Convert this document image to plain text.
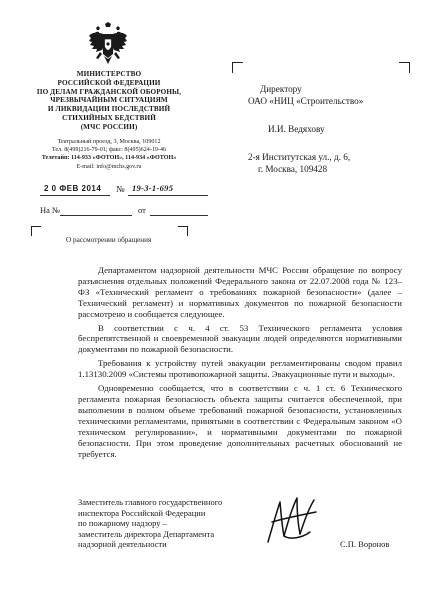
МИНИСТЕРСТВО
РОССИЙСКОЙ ФЕДЕРАЦИИ
ПО ДЕЛАМ ГРАЖДАНСКОЙ ОБОРОНЫ,
ЧРЕЗВЫЧАЙНЫМ СИТУАЦИЯМ
И ЛИКВИДАЦИИ ПОСЛЕДСТВИЙ
СТИХИЙНЫХ БЕДСТВИЙ
(МЧС РОССИИ)
Театральный проезд, 3, Москва, 109012
Тел. 8(499)216-79-01; факс: 8(495)624-19-46
Телетайп: 114-933 «ФОТОН», 114-934 «ФОТОН»
E-mail: info@mchs.gov.ru
2 0 ФЕВ 2014 № 19-3-1-695
На №	от
О рассмотрении обращения
Директору
ОАО «НИЦ «Строительство»
И.И. Ведяхову
2-я Институтская ул., д. 6,
г. Москва, 109428

Департаментом надзорной деятельности МЧС России обращение по вопросу разъяснения отдельных положений Федерального закона от 22.07.2008 года № 123–ФЗ «Технический регламент о требованиях пожарной безопасности» (далее – Технический регламент) и нормативных документов по пожарной безопасности рассмотрено и сообщается следующее.

В соответствии с ч. 4 ст. 53 Технического регламента условия беспрепятственной и своевременной эвакуации людей определяются нормативными документами по пожарной безопасности.

Требования к устройству путей эвакуации регламентированы сводом правил 1.13130.2009 «Системы противопожарной защиты. Эвакуационные пути и выходы».

Одновременно сообщается, что в соответствии с ч. 1 ст. 6 Технического регламента пожарная безопасность объекта защиты считается обеспеченной, при выполнении в полном объеме требований пожарной безопасности, установленных техническими регламентами, принятыми в соответствии с Федеральным законом «О техническом регулировании», и нормативными документами по пожарной безопасности. При этом проведение дополнительных расчетных обоснований не требуется.

Заместитель главного государственного
инспектора Российской Федерации
по пожарному надзору –
заместитель директора Департамента
надзорной деятельности	С.П. Воронов
